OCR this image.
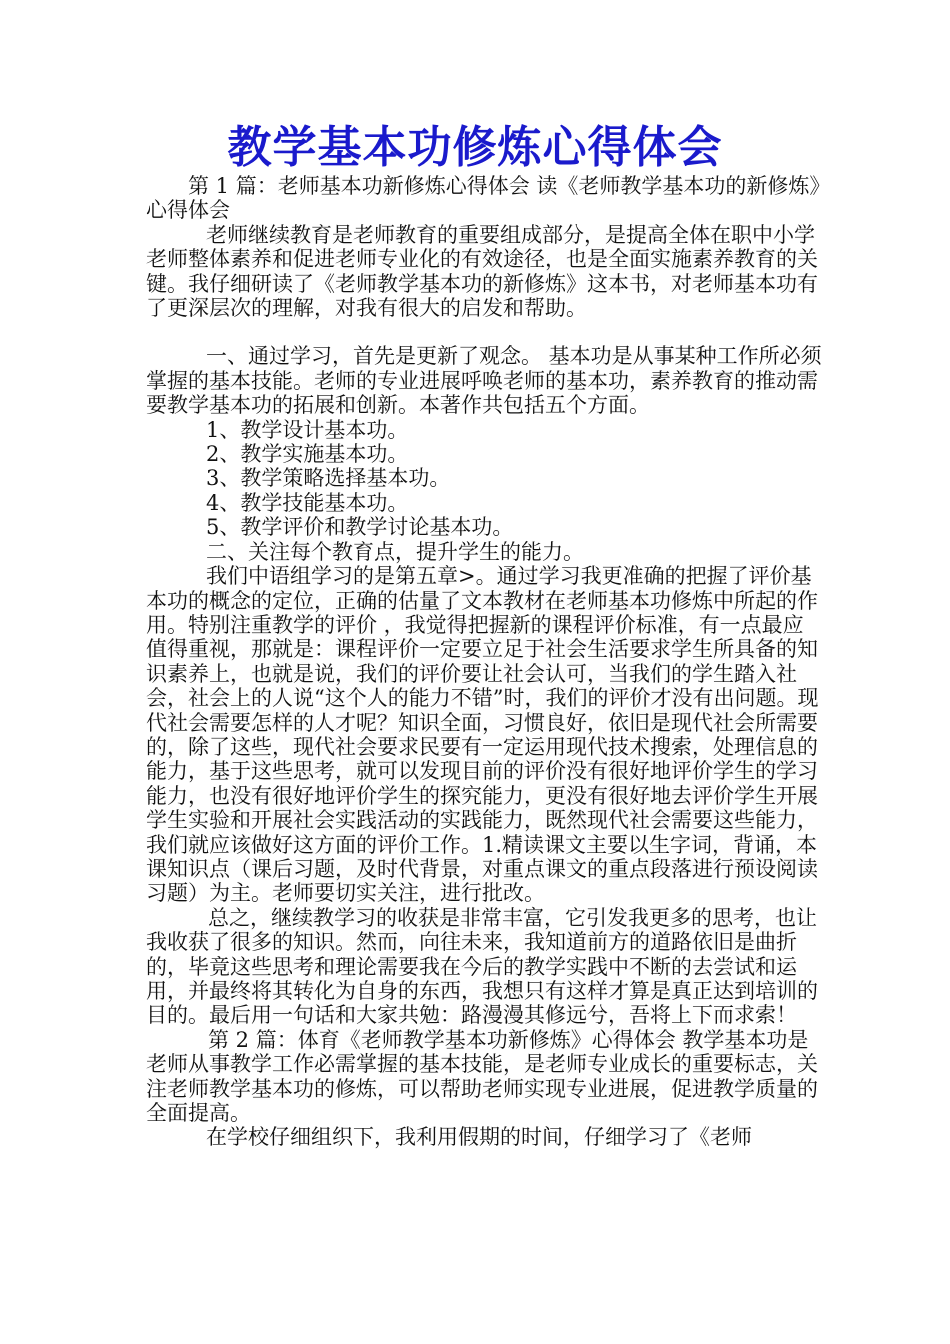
教学基本功修炼心得体会

第 1 篇：老师基本功新修炼心得体会 读《老师教学基本功的新修炼》心得体会

老师继续教育是老师教育的重要组成部分，是提高全体在职中小学老师整体素养和促进老师专业化的有效途径，也是全面实施素养教育的关键。我仔细研读了《老师教学基本功的新修炼》这本书，对老师基本功有了更深层次的理解，对我有很大的启发和帮助。

一、通过学习，首先是更新了观念。 基本功是从事某种工作所必须掌握的基本技能。老师的专业进展呼唤老师的基本功，素养教育的推动需要教学基本功的拓展和创新。本著作共包括五个方面。

1、教学设计基本功。

2、教学实施基本功。

3、教学策略选择基本功。

4、教学技能基本功。

5、教学评价和教学讨论基本功。

二、关注每个教育点，提升学生的能力。

我们中语组学习的是第五章>。通过学习我更准确的把握了评价基本功的概念的定位，正确的估量了文本教材在老师基本功修炼中所起的作用。特别注重教学的评价 ，我觉得把握新的课程评价标准，有一点最应值得重视，那就是：课程评价一定要立足于社会生活要求学生所具备的知识素养上，也就是说，我们的评价要让社会认可，当我们的学生踏入社会，社会上的人说“这个人的能力不错”时，我们的评价才没有出问题。现代社会需要怎样的人才呢？知识全面，习惯良好，依旧是现代社会所需要的，除了这些，现代社会要求民要有一定运用现代技术搜索，处理信息的能力，基于这些思考，就可以发现目前的评价没有很好地评价学生的学习能力，也没有很好地评价学生的探究能力，更没有很好地去评价学生开展学生实验和开展社会实践活动的实践能力，既然现代社会需要这些能力，我们就应该做好这方面的评价工作。1.精读课文主要以生字词，背诵，本课知识点（课后习题，及时代背景，对重点课文的重点段落进行预设阅读习题）为主。老师要切实关注，进行批改。

总之，继续教学习的收获是非常丰富，它引发我更多的思考，也让我收获了很多的知识。然而，向往未来，我知道前方的道路依旧是曲折的，毕竟这些思考和理论需要我在今后的教学实践中不断的去尝试和运用，并最终将其转化为自身的东西，我想只有这样才算是真正达到培训的目的。最后用一句话和大家共勉：路漫漫其修远兮，吾将上下而求索！

第 2 篇：体育《老师教学基本功新修炼》心得体会 教学基本功是老师从事教学工作必需掌握的基本技能，是老师专业成长的重要标志，关注老师教学基本功的修炼，可以帮助老师实现专业进展，促进教学质量的全面提高。

在学校仔细组织下，我利用假期的时间，仔细学习了《老师
